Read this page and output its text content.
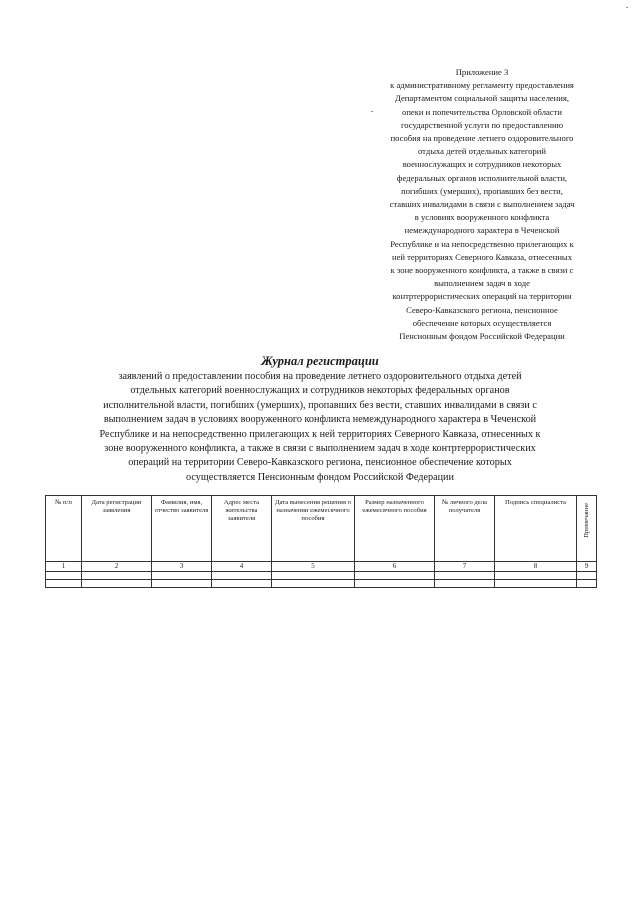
.
.
Приложение 3
к административному регламенту предоставления
Департаментом социальной защиты населения,
опеки и попечительства Орловской области
государственной услуги по предоставлению
пособия на проведение летнего оздоровительного
отдыха детей отдельных категорий
военнослужащих и сотрудников некоторых
федеральных органов исполнительной власти,
погибших (умерших), пропавших без вести,
ставших инвалидами в связи с выполнением задач
в условиях вооруженного конфликта
немеждународного характера в Чеченской
Республике и на непосредственно прилегающих к
ней территориях Северного Кавказа, отнесенных
к зоне вооруженного конфликта, а также в связи с
выполнением задач в ходе
контртеррористических операций на территории
Северо-Кавказского региона, пенсионное
обеспечение которых осуществляется
Пенсионным фондом Российской Федерации
Журнал регистрации
заявлений о предоставлении пособия на проведение летнего оздоровительного отдыха детей
отдельных категорий военнослужащих и сотрудников некоторых федеральных органов
исполнительной власти, погибших (умерших), пропавших без вести, ставших инвалидами в связи с
выполнением задач в условиях вооруженного конфликта немеждународного характера в Чеченской
Республике и на непосредственно прилегающих к ней территориях Северного Кавказа, отнесенных к
зоне вооруженного конфликта, а также в связи с выполнением задач в ходе контртеррористических
операций на территории Северо-Кавказского региона, пенсионное обеспечение которых
осуществляется Пенсионным фондом Российской Федерации
№ п/п	Дата регистрации заявления	Фамилия, имя, отчество заявителя	Адрес места жительства заявителя	Дата вынесения решения о назначении ежемесячного пособия	Размер назначенного ежемесячного пособия	№ личного дела получателя	Подпись специалиста	Примечание
1	2	3	4	5	6	7	8	9
